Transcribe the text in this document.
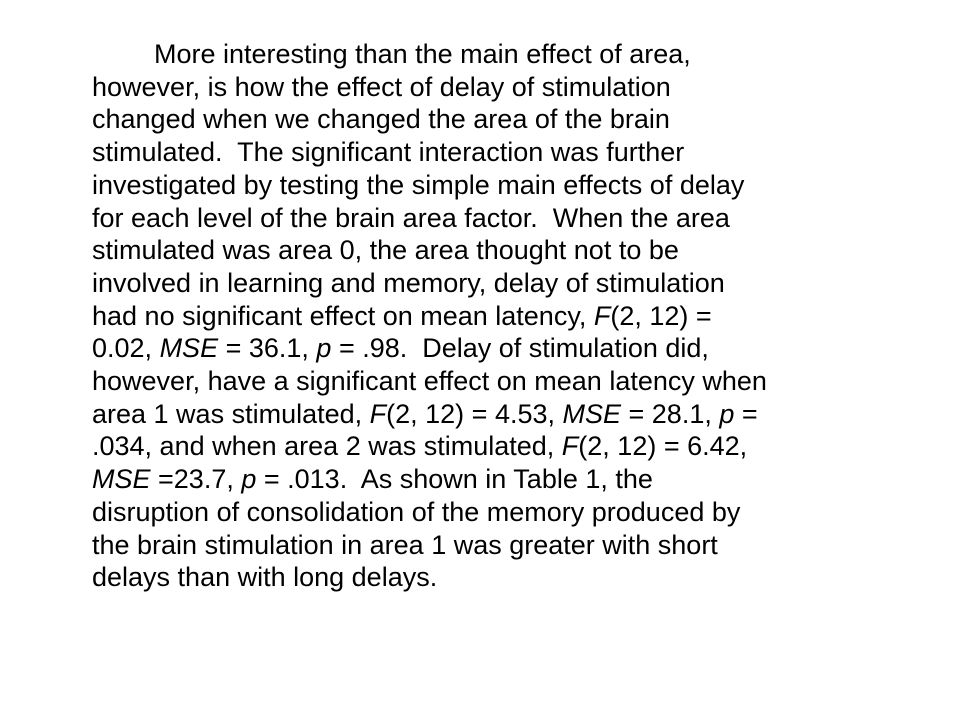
More interesting than the main effect of area,
however, is how the effect of delay of stimulation
changed when we changed the area of the brain
stimulated.  The significant interaction was further
investigated by testing the simple main effects of delay
for each level of the brain area factor.  When the area
stimulated was area 0, the area thought not to be
involved in learning and memory, delay of stimulation
had no significant effect on mean latency, F(2, 12) =
0.02, MSE = 36.1, p = .98.  Delay of stimulation did,
however, have a significant effect on mean latency when
area 1 was stimulated, F(2, 12) = 4.53, MSE = 28.1, p =
.034, and when area 2 was stimulated, F(2, 12) = 6.42,
MSE =23.7, p = .013.  As shown in Table 1, the
disruption of consolidation of the memory produced by
the brain stimulation in area 1 was greater with short
delays than with long delays.
